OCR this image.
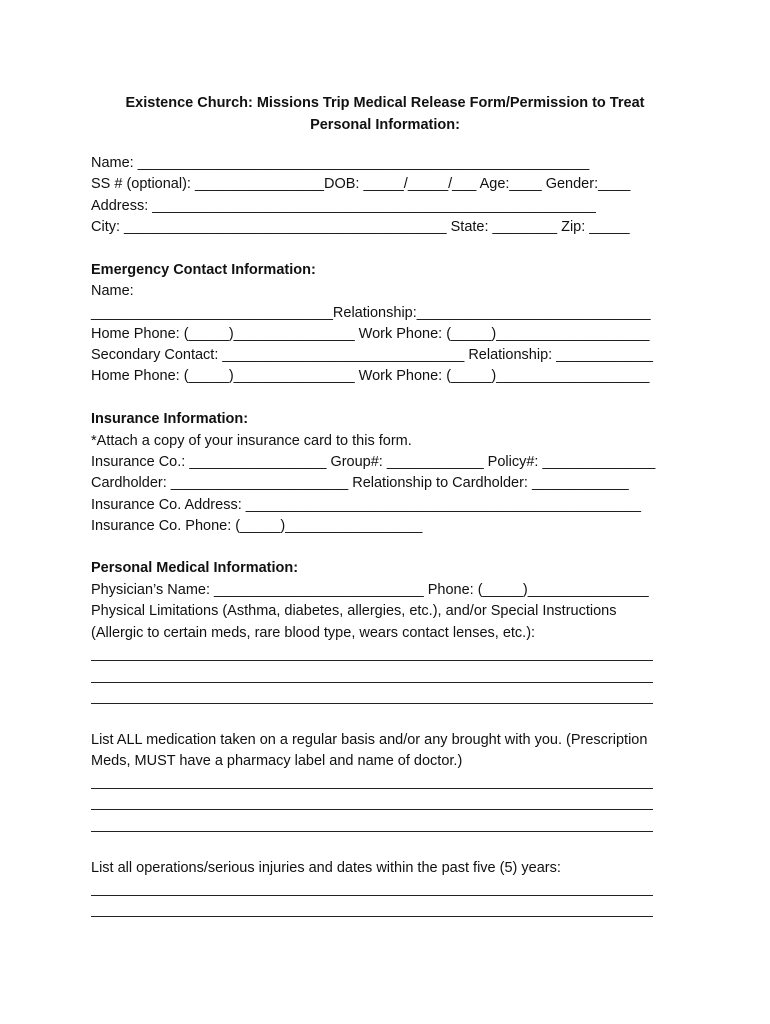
Existence Church: Missions Trip Medical Release Form/Permission to Treat
Personal Information:
Name: ________________________________________________________
SS # (optional): ________________DOB: _____/_____/___ Age:____ Gender:____
Address: _______________________________________________________
City: ________________________________________ State: ________ Zip: _____
Emergency Contact Information:
Name:
______________________________Relationship:_____________________________
Home Phone: (_____)_______________ Work Phone: (_____)___________________
Secondary Contact: ______________________________ Relationship: ____________
Home Phone: (_____)_______________ Work Phone: (_____)___________________
Insurance Information:
*Attach a copy of your insurance card to this form.
Insurance Co.: _________________ Group#: ____________ Policy#: ______________
Cardholder: ______________________ Relationship to Cardholder: ____________
Insurance Co. Address: _________________________________________________
Insurance Co. Phone: (_____)_________________
Personal Medical Information:
Physician’s Name: __________________________ Phone: (_____)_______________
Physical Limitations (Asthma, diabetes, allergies, etc.), and/or Special Instructions
(Allergic to certain meds, rare blood type, wears contact lenses, etc.):
List ALL medication taken on a regular basis and/or any brought with you. (Prescription
Meds, MUST have a pharmacy label and name of doctor.)
List all operations/serious injuries and dates within the past five (5) years:
